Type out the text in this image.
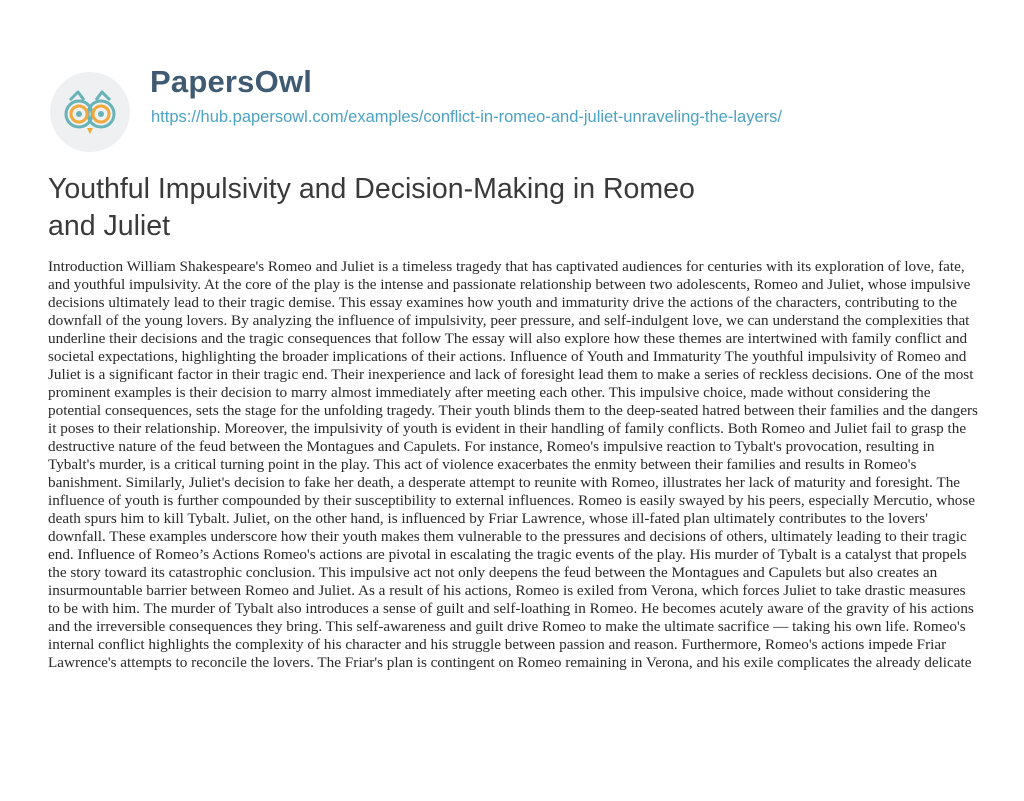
PapersOwl
https://hub.papersowl.com/examples/conflict-in-romeo-and-juliet-unraveling-the-layers/
Youthful Impulsivity and Decision-Making in Romeo and Juliet

Introduction William Shakespeare's Romeo and Juliet is a timeless tragedy that has captivated audiences for centuries with its exploration of love, fate, and youthful impulsivity. At the core of the play is the intense and passionate relationship between two adolescents, Romeo and Juliet, whose impulsive decisions ultimately lead to their tragic demise. This essay examines how youth and immaturity drive the actions of the characters, contributing to the downfall of the young lovers. By analyzing the influence of impulsivity, peer pressure, and self-indulgent love, we can understand the complexities that underline their decisions and the tragic consequences that follow The essay will also explore how these themes are intertwined with family conflict and societal expectations, highlighting the broader implications of their actions. Influence of Youth and Immaturity The youthful impulsivity of Romeo and Juliet is a significant factor in their tragic end. Their inexperience and lack of foresight lead them to make a series of reckless decisions. One of the most prominent examples is their decision to marry almost immediately after meeting each other. This impulsive choice, made without considering the potential consequences, sets the stage for the unfolding tragedy. Their youth blinds them to the deep-seated hatred between their families and the dangers it poses to their relationship. Moreover, the impulsivity of youth is evident in their handling of family conflicts. Both Romeo and Juliet fail to grasp the destructive nature of the feud between the Montagues and Capulets. For instance, Romeo's impulsive reaction to Tybalt's provocation, resulting in Tybalt's murder, is a critical turning point in the play. This act of violence exacerbates the enmity between their families and results in Romeo's banishment. Similarly, Juliet's decision to fake her death, a desperate attempt to reunite with Romeo, illustrates her lack of maturity and foresight. The influence of youth is further compounded by their susceptibility to external influences. Romeo is easily swayed by his peers, especially Mercutio, whose death spurs him to kill Tybalt. Juliet, on the other hand, is influenced by Friar Lawrence, whose ill-fated plan ultimately contributes to the lovers' downfall. These examples underscore how their youth makes them vulnerable to the pressures and decisions of others, ultimately leading to their tragic end. Influence of Romeo’s Actions Romeo's actions are pivotal in escalating the tragic events of the play. His murder of Tybalt is a catalyst that propels the story toward its catastrophic conclusion. This impulsive act not only deepens the feud between the Montagues and Capulets but also creates an insurmountable barrier between Romeo and Juliet. As a result of his actions, Romeo is exiled from Verona, which forces Juliet to take drastic measures to be with him. The murder of Tybalt also introduces a sense of guilt and self-loathing in Romeo. He becomes acutely aware of the gravity of his actions and the irreversible consequences they bring. This self-awareness and guilt drive Romeo to make the ultimate sacrifice — taking his own life. Romeo's internal conflict highlights the complexity of his character and his struggle between passion and reason. Furthermore, Romeo's actions impede Friar Lawrence's attempts to reconcile the lovers. The Friar's plan is contingent on Romeo remaining in Verona, and his exile complicates the already delicate
